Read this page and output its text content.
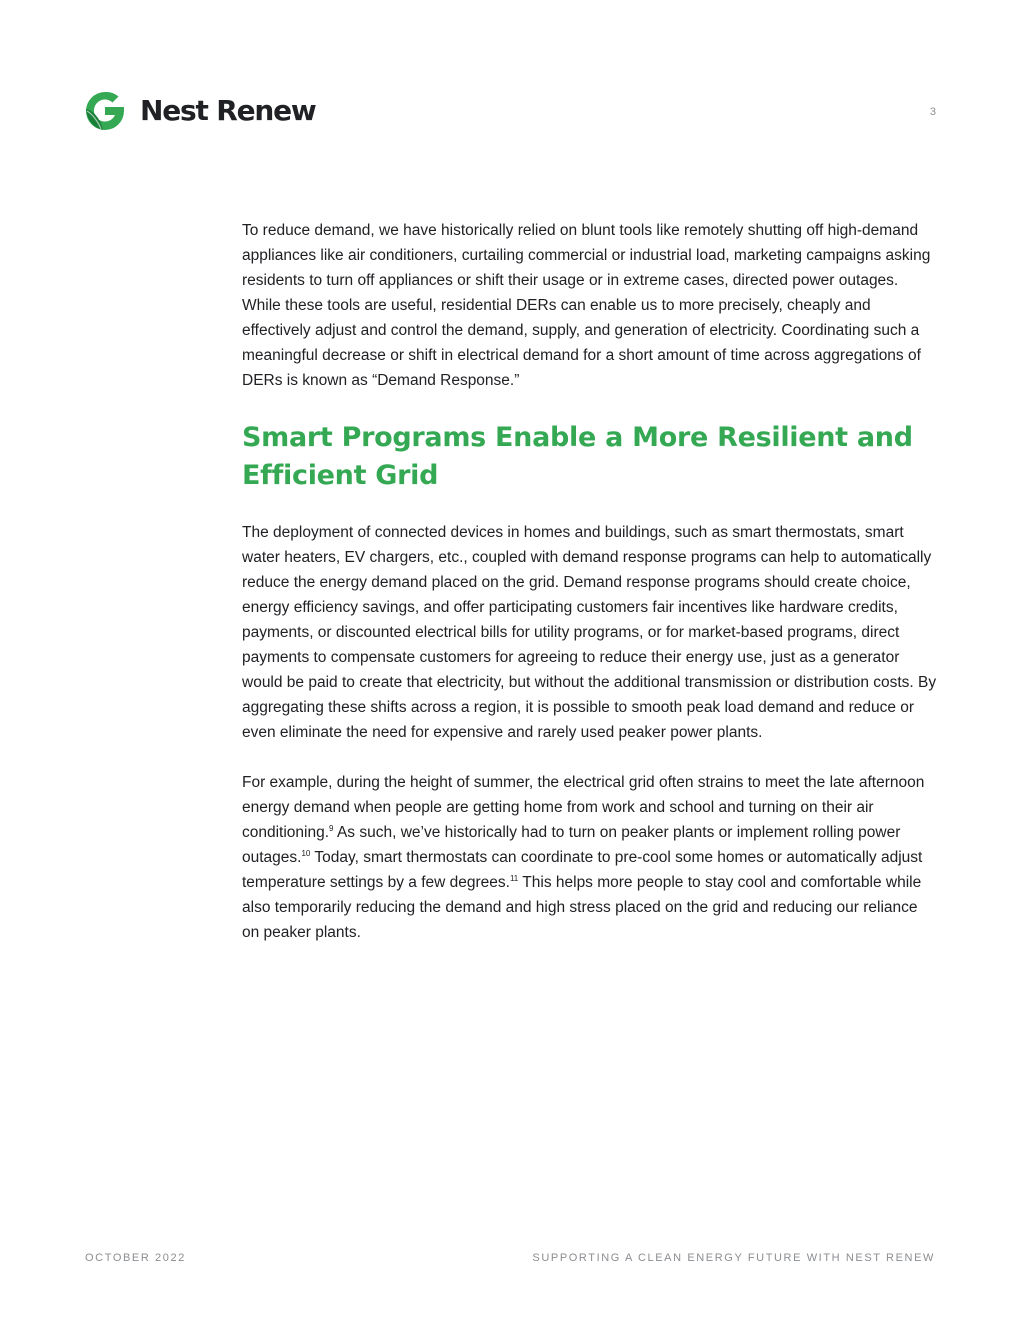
Nest Renew	3

To reduce demand, we have historically relied on blunt tools like remotely shutting off high-demand appliances like air conditioners, curtailing commercial or industrial load, marketing campaigns asking residents to turn off appliances or shift their usage or in extreme cases, directed power outages. While these tools are useful, residential DERs can enable us to more precisely, cheaply and effectively adjust and control the demand, supply, and generation of electricity. Coordinating such a meaningful decrease or shift in electrical demand for a short amount of time across aggregations of DERs is known as “Demand Response.”

Smart Programs Enable a More Resilient and Efficient Grid

The deployment of connected devices in homes and buildings, such as smart thermostats, smart water heaters, EV chargers, etc., coupled with demand response programs can help to automatically reduce the energy demand placed on the grid. Demand response programs should create choice, energy efficiency savings, and offer participating customers fair incentives like hardware credits, payments, or discounted electrical bills for utility programs, or for market-based programs, direct payments to compensate customers for agreeing to reduce their energy use, just as a generator would be paid to create that electricity, but without the additional transmission or distribution costs. By aggregating these shifts across a region, it is possible to smooth peak load demand and reduce or even eliminate the need for expensive and rarely used peaker power plants.

For example, during the height of summer, the electrical grid often strains to meet the late afternoon energy demand when people are getting home from work and school and turning on their air conditioning.$^9$ As such, we’ve historically had to turn on peaker plants or implement rolling power outages.$^{10}$ Today, smart thermostats can coordinate to pre-cool some homes or automatically adjust temperature settings by a few degrees.$^{11}$ This helps more people to stay cool and comfortable while also temporarily reducing the demand and high stress placed on the grid and reducing our reliance on peaker plants.

OCTOBER 2022	SUPPORTING A CLEAN ENERGY FUTURE WITH NEST RENEW
